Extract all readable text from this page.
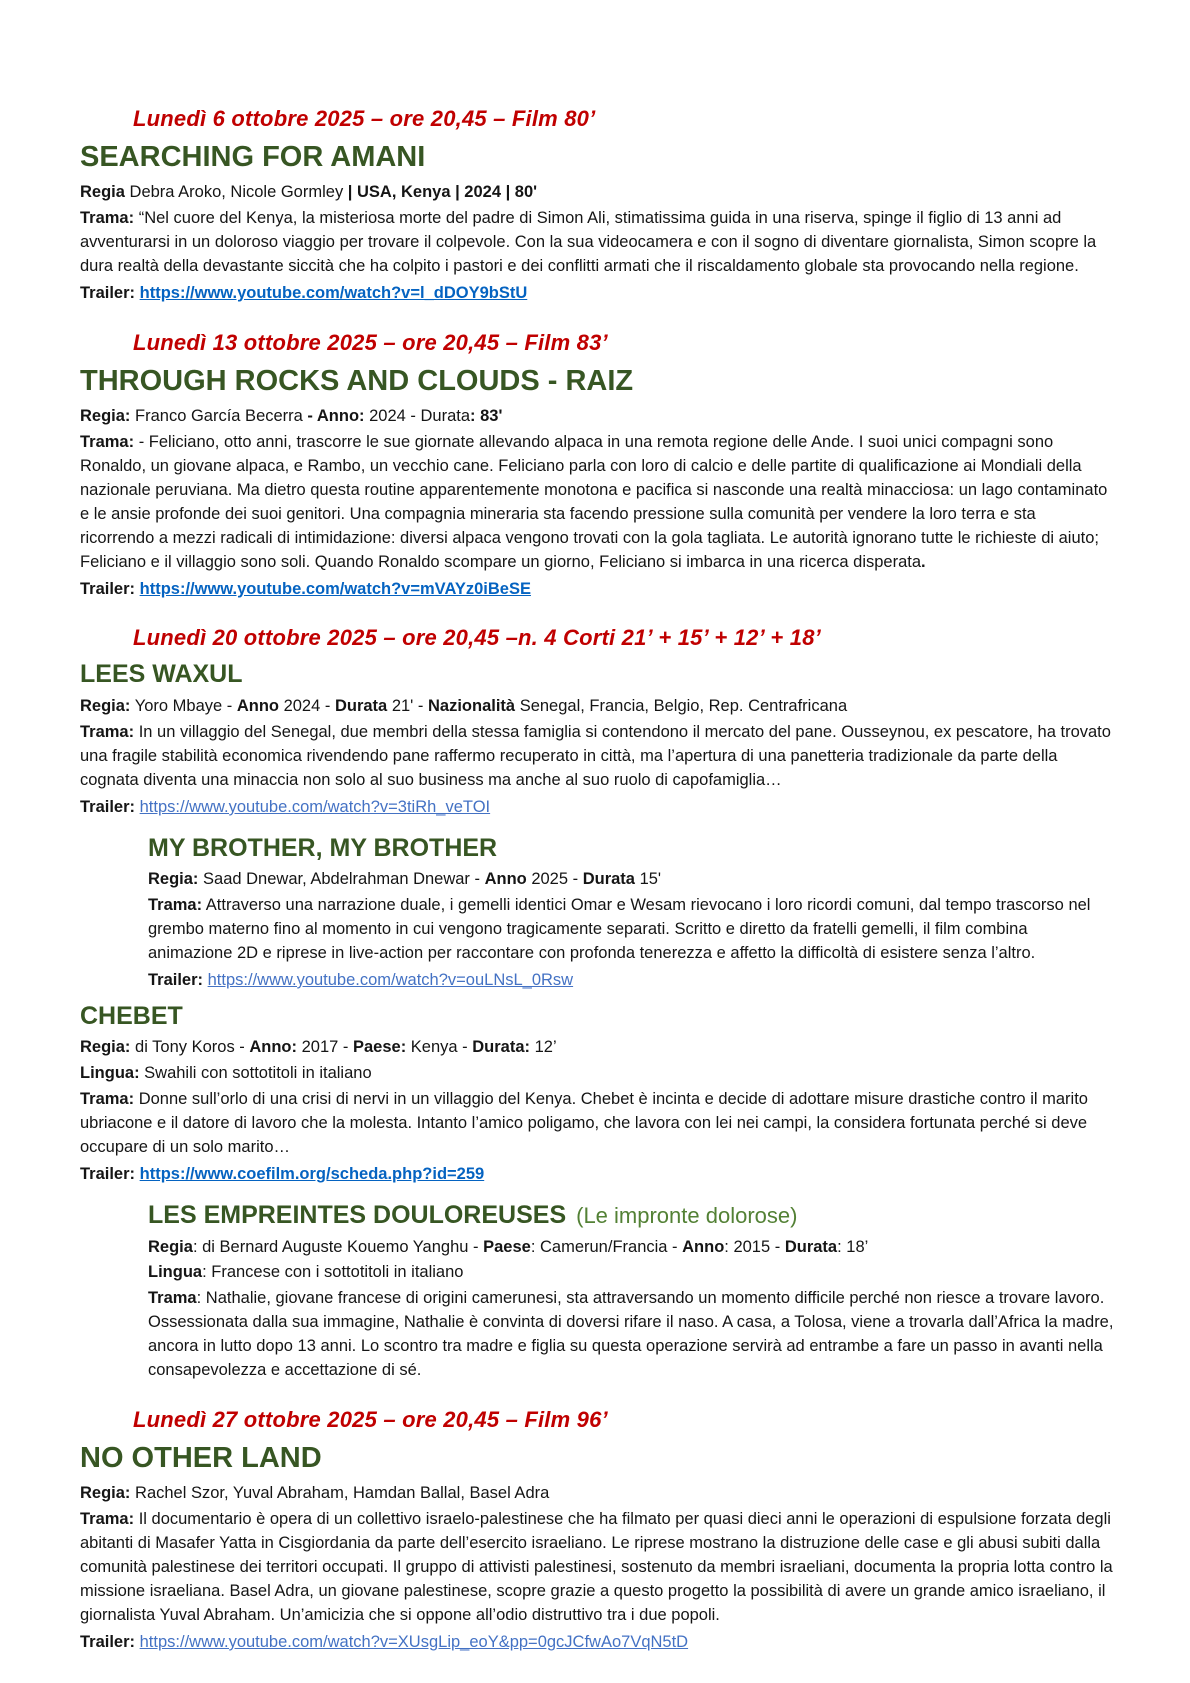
Lunedì 6 ottobre 2025 – ore 20,45 – Film 80’

SEARCHING FOR AMANI

Regia Debra Aroko, Nicole Gormley | USA, Kenya | 2024 | 80'

Trama: “Nel cuore del Kenya, la misteriosa morte del padre di Simon Ali, stimatissima guida in una riserva, spinge il figlio di 13 anni ad avventurarsi in un doloroso viaggio per trovare il colpevole. Con la sua videocamera e con il sogno di diventare giornalista, Simon scopre la dura realtà della devastante siccità che ha colpito i pastori e dei conflitti armati che il riscaldamento globale sta provocando nella regione.

Trailer: https://www.youtube.com/watch?v=l_dDOY9bStU

Lunedì 13 ottobre 2025 – ore 20,45 – Film 83’

THROUGH ROCKS AND CLOUDS - RAIZ

Regia: Franco García Becerra - Anno: 2024 - Durata: 83'

Trama: - Feliciano, otto anni, trascorre le sue giornate allevando alpaca in una remota regione delle Ande. I suoi unici compagni sono Ronaldo, un giovane alpaca, e Rambo, un vecchio cane. Feliciano parla con loro di calcio e delle partite di qualificazione ai Mondiali della nazionale peruviana. Ma dietro questa routine apparentemente monotona e pacifica si nasconde una realtà minacciosa: un lago contaminato e le ansie profonde dei suoi genitori. Una compagnia mineraria sta facendo pressione sulla comunità per vendere la loro terra e sta ricorrendo a mezzi radicali di intimidazione: diversi alpaca vengono trovati con la gola tagliata. Le autorità ignorano tutte le richieste di aiuto; Feliciano e il villaggio sono soli. Quando Ronaldo scompare un giorno, Feliciano si imbarca in una ricerca disperata.

Trailer: https://www.youtube.com/watch?v=mVAYz0iBeSE

Lunedì 20 ottobre 2025 – ore 20,45 –n. 4 Corti 21’ + 15’ + 12’ + 18’

LEES WAXUL

Regia: Yoro Mbaye - Anno 2024 - Durata 21' - Nazionalità Senegal, Francia, Belgio, Rep. Centrafricana

Trama: In un villaggio del Senegal, due membri della stessa famiglia si contendono il mercato del pane. Ousseynou, ex pescatore, ha trovato una fragile stabilità economica rivendendo pane raffermo recuperato in città, ma l’apertura di una panetteria tradizionale da parte della cognata diventa una minaccia non solo al suo business ma anche al suo ruolo di capofamiglia…

Trailer: https://www.youtube.com/watch?v=3tiRh_veTOI

MY BROTHER, MY BROTHER

Regia: Saad Dnewar, Abdelrahman Dnewar - Anno 2025 - Durata 15'

Trama: Attraverso una narrazione duale, i gemelli identici Omar e Wesam rievocano i loro ricordi comuni, dal tempo trascorso nel grembo materno fino al momento in cui vengono tragicamente separati. Scritto e diretto da fratelli gemelli, il film combina animazione 2D e riprese in live-action per raccontare con profonda tenerezza e affetto la difficoltà di esistere senza l’altro.

Trailer: https://www.youtube.com/watch?v=ouLNsL_0Rsw

CHEBET

Regia: di Tony Koros - Anno: 2017 - Paese: Kenya - Durata: 12’

Lingua: Swahili con sottotitoli in italiano

Trama: Donne sull’orlo di una crisi di nervi in un villaggio del Kenya. Chebet è incinta e decide di adottare misure drastiche contro il marito ubriacone e il datore di lavoro che la molesta. Intanto l’amico poligamo, che lavora con lei nei campi, la considera fortunata perché si deve occupare di un solo marito…

Trailer: https://www.coefilm.org/scheda.php?id=259

LES EMPREINTES DOULOREUSES (Le impronte dolorose)

Regia: di Bernard Auguste Kouemo Yanghu - Paese: Camerun/Francia - Anno: 2015 - Durata: 18’

Lingua: Francese con i sottotitoli in italiano

Trama: Nathalie, giovane francese di origini camerunesi, sta attraversando un momento difficile perché non riesce a trovare lavoro. Ossessionata dalla sua immagine, Nathalie è convinta di doversi rifare il naso. A casa, a Tolosa, viene a trovarla dall’Africa la madre, ancora in lutto dopo 13 anni. Lo scontro tra madre e figlia su questa operazione servirà ad entrambe a fare un passo in avanti nella consapevolezza e accettazione di sé.

Lunedì 27 ottobre 2025 – ore 20,45 – Film 96’

NO OTHER LAND

Regia: Rachel Szor, Yuval Abraham, Hamdan Ballal, Basel Adra

Trama: Il documentario è opera di un collettivo israelo-palestinese che ha filmato per quasi dieci anni le operazioni di espulsione forzata degli abitanti di Masafer Yatta in Cisgiordania da parte dell’esercito israeliano. Le riprese mostrano la distruzione delle case e gli abusi subiti dalla comunità palestinese dei territori occupati. Il gruppo di attivisti palestinesi, sostenuto da membri israeliani, documenta la propria lotta contro la missione israeliana. Basel Adra, un giovane palestinese, scopre grazie a questo progetto la possibilità di avere un grande amico israeliano, il giornalista Yuval Abraham. Un’amicizia che si oppone all’odio distruttivo tra i due popoli.

Trailer: https://www.youtube.com/watch?v=XUsgLip_eoY&pp=0gcJCfwAo7VqN5tD
